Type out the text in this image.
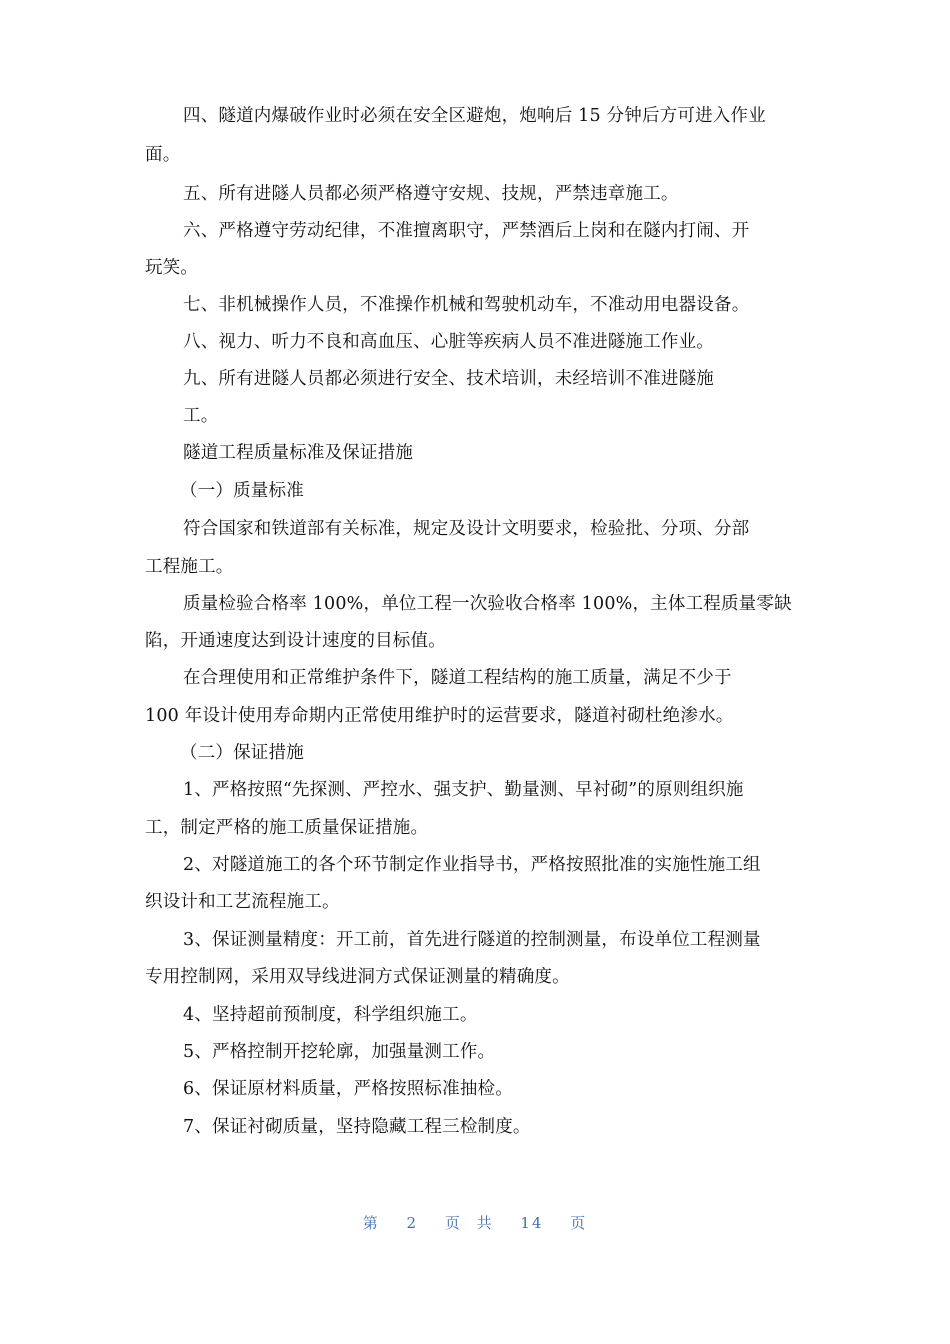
四、隧道内爆破作业时必须在安全区避炮，炮响后 15 分钟后方可进入作业
面。
五、所有进隧人员都必须严格遵守安规、技规，严禁违章施工。
六、严格遵守劳动纪律，不准擅离职守，严禁酒后上岗和在隧内打闹、开
玩笑。
七、非机械操作人员，不准操作机械和驾驶机动车，不准动用电器设备。
八、视力、听力不良和高血压、心脏等疾病人员不准进隧施工作业。
九、所有进隧人员都必须进行安全、技术培训，未经培训不准进隧施
工。
隧道工程质量标准及保证措施
（一）质量标准
符合国家和铁道部有关标准，规定及设计文明要求，检验批、分项、分部
工程施工。
质量检验合格率 100%，单位工程一次验收合格率 100%，主体工程质量零缺
陷，开通速度达到设计速度的目标值。
在合理使用和正常维护条件下，隧道工程结构的施工质量，满足不少于
100 年设计使用寿命期内正常使用维护时的运营要求，隧道衬砌杜绝渗水。
（二）保证措施
1、严格按照“先探测、严控水、强支护、勤量测、早衬砌”的原则组织施
工，制定严格的施工质量保证措施。
2、对隧道施工的各个环节制定作业指导书，严格按照批准的实施性施工组
织设计和工艺流程施工。
3、保证测量精度：开工前，首先进行隧道的控制测量，布设单位工程测量
专用控制网，采用双导线进洞方式保证测量的精确度。
4、坚持超前预制度，科学组织施工。
5、严格控制开挖轮廓，加强量测工作。
6、保证原材料质量，严格按照标准抽检。
7、保证衬砌质量，坚持隐藏工程三检制度。
第 2 页 共 14 页
